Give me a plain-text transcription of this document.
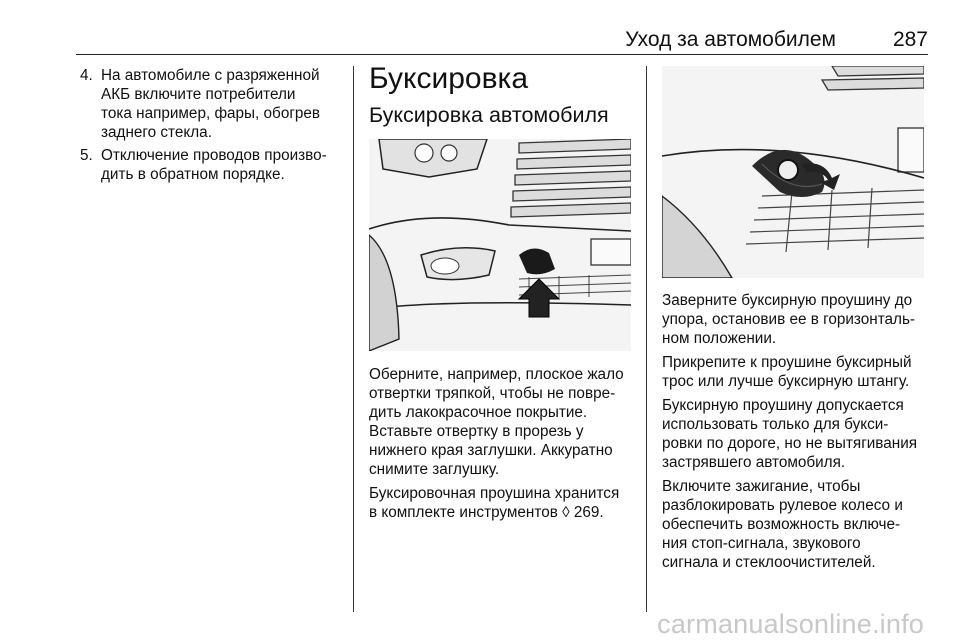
Уход за автомобилем	287
4. На автомобиле с разряженной
АКБ включите потребители
тока например, фары, обогрев
заднего стекла.
5. Отключение проводов произво-
дить в обратном порядке.
Буксировка
Буксировка автомобиля

Оберните, например, плоское жало
отвертки тряпкой, чтобы не повре-
дить лакокрасочное покрытие.
Вставьте отвертку в прорезь у
нижнего края заглушки. Аккуратно
снимите заглушку.

Буксировочная проушина хранится
в комплекте инструментов ◊ 269.

Заверните буксирную проушину до
упора, остановив ее в горизонталь-
ном положении.

Прикрепите к проушине буксирный
трос или лучше буксирную штангу.

Буксирную проушину допускается
использовать только для букси-
ровки по дороге, но не вытягивания
застрявшего автомобиля.

Включите зажигание, чтобы
разблокировать рулевое колесо и
обеспечить возможность включе-
ния стоп-сигнала, звукового
сигнала и стеклоочистителей.

carmanualsonline.info
